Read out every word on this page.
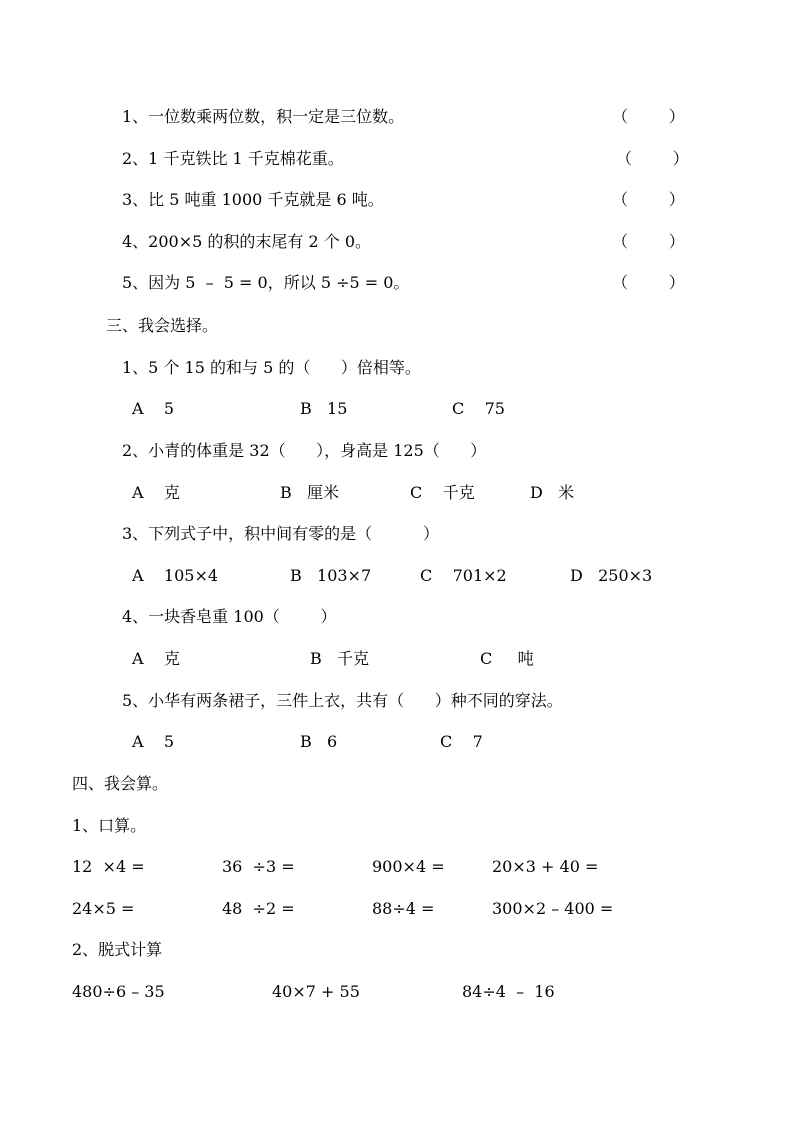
1、一位数乘两位数，积一定是三位数。	（        ）
2、1 千克铁比 1 千克棉花重。	（        ）
3、比 5 吨重 1000 千克就是 6 吨。	（        ）
4、200×5 的积的末尾有 2 个 0。	（        ）
5、因为 5  –  5 = 0，所以 5 ÷5 = 0。	（        ）
三、我会选择。
1、5 个 15 的和与 5 的（      ）倍相等。
A    5	B   15	C    75
2、小青的体重是 32（      ），身高是 125（      ）
A    克	B   厘米	C    千克	D   米
3、下列式子中，积中间有零的是（          ）
A    105×4	B   103×7	C    701×2	D   250×3
4、一块香皂重 100（        ）
A    克	B   千克	C     吨
5、小华有两条裙子，三件上衣，共有（      ）种不同的穿法。
A    5	B   6	C    7
四、我会算。
1、口算。
12  ×4 =	36  ÷3 =	900×4 =	20×3 + 40 =
24×5 =	48  ÷2 =	88÷4 =	300×2 – 400 =
2、脱式计算
480÷6 – 35	40×7 + 55	84÷4  –  16
